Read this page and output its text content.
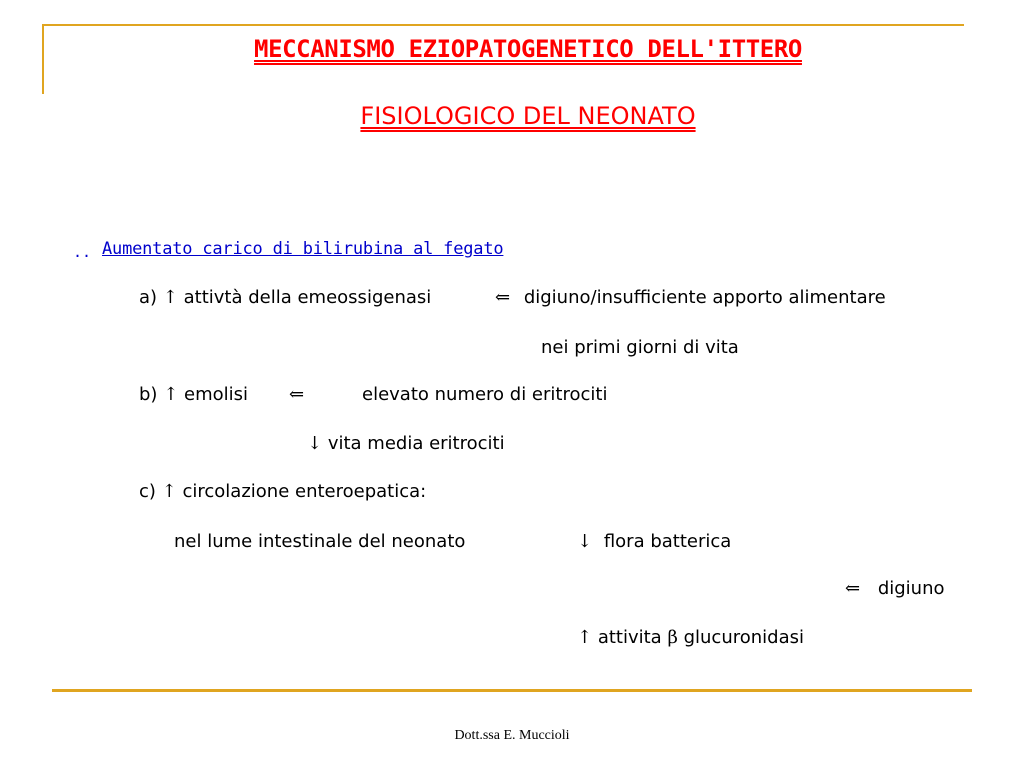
MECCANISMO EZIOPATOGENETICO DELL'ITTERO
FISIOLOGICO DEL NEONATO
.. Aumentato carico di bilirubina al fegato
a) ↑ attivtà della emeossigenasi	⇐ digiuno/insufficiente apporto alimentare
nei primi giorni di vita
b) ↑ emolisi ⇐	elevato numero di eritrociti
↓ vita media eritrociti
c) ↑ circolazione enteroepatica:
nel lume intestinale del neonato	↓ flora batterica
⇐ digiuno
↑ attivita β glucuronidasi
Dott.ssa E. Muccioli
